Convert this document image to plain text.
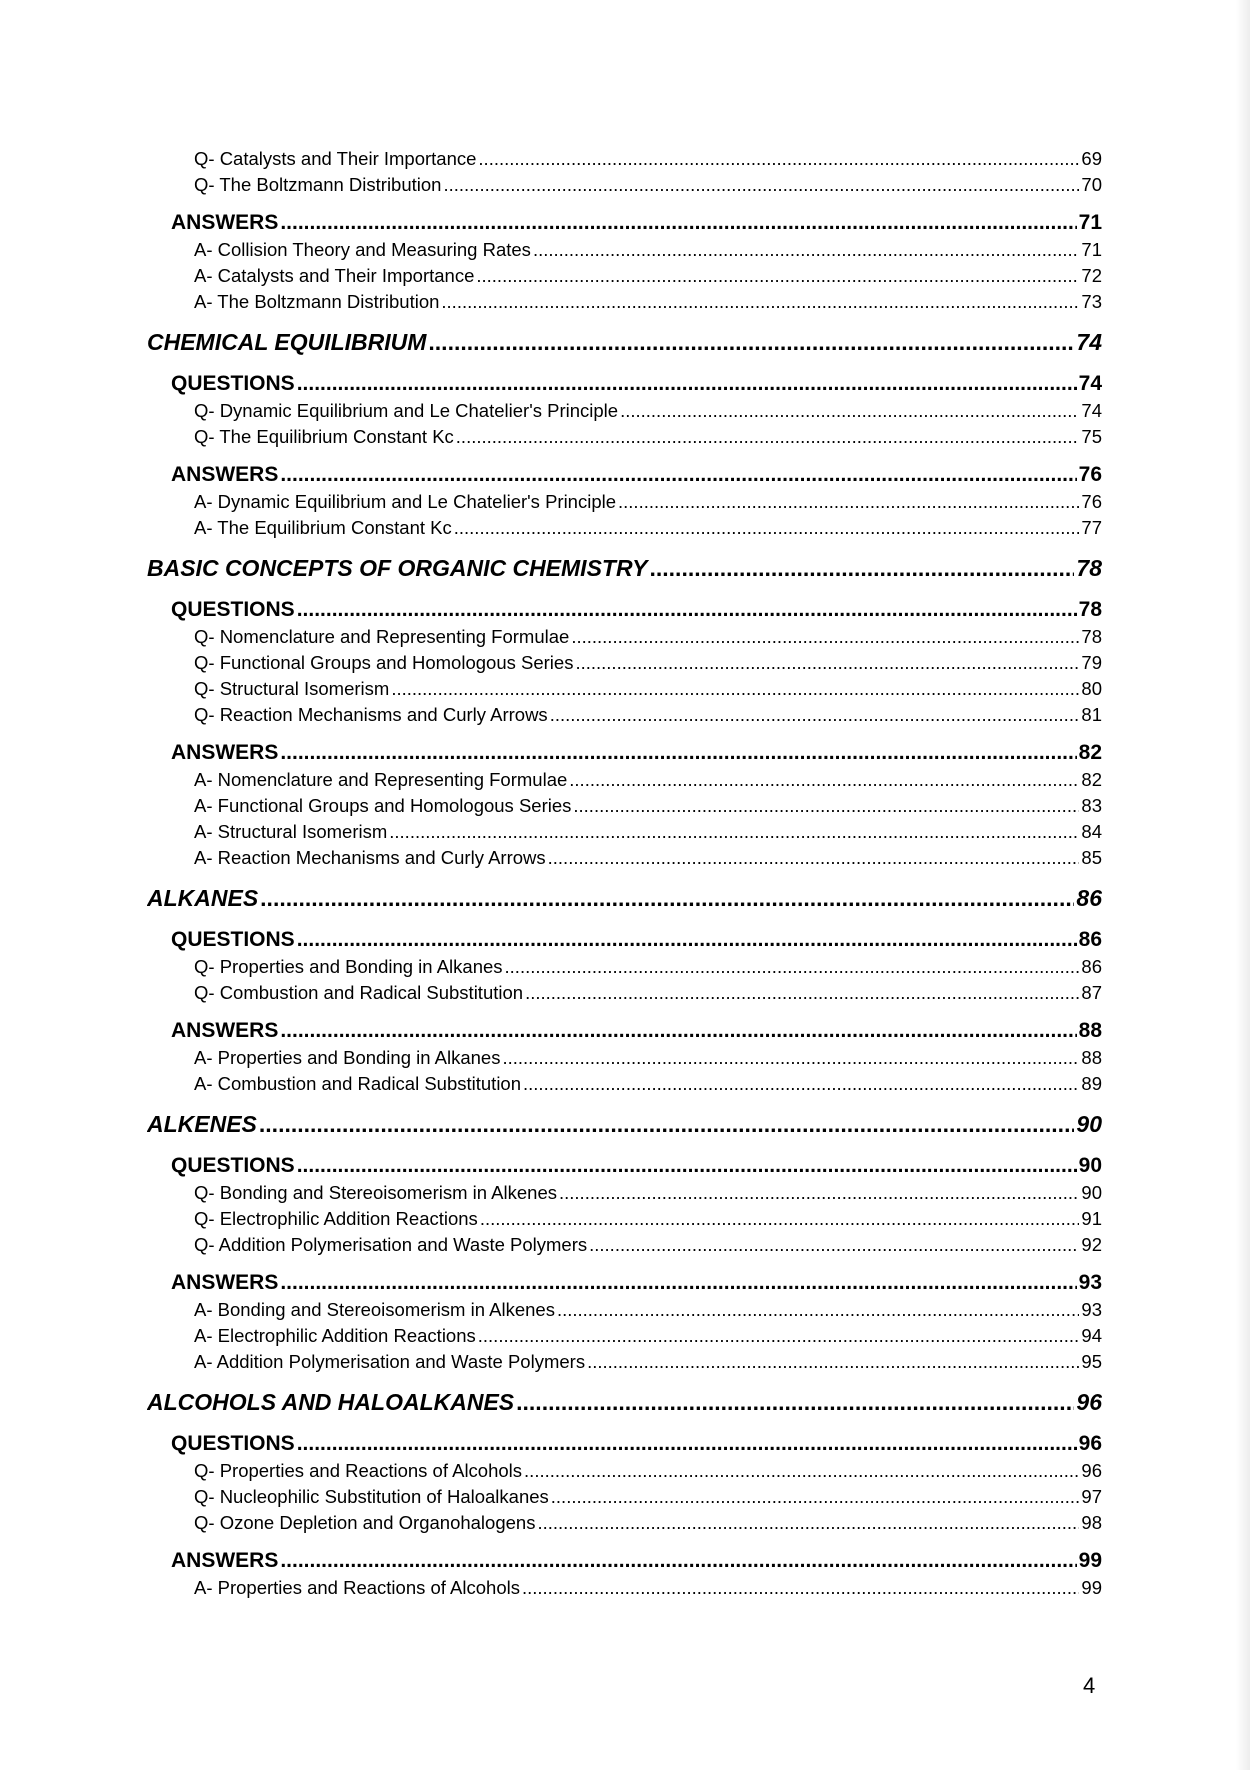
Q- Catalysts and Their Importance .....	69
Q- The Boltzmann Distribution .....	70
ANSWERS .....	71
A- Collision Theory and Measuring Rates .....	71
A- Catalysts and Their Importance .....	72
A- The Boltzmann Distribution .....	73
CHEMICAL EQUILIBRIUM .....	74
QUESTIONS .....	74
Q- Dynamic Equilibrium and Le Chatelier's Principle .....	74
Q- The Equilibrium Constant Kc .....	75
ANSWERS .....	76
A- Dynamic Equilibrium and Le Chatelier's Principle .....	76
A- The Equilibrium Constant Kc .....	77
BASIC CONCEPTS OF ORGANIC CHEMISTRY .....	78
QUESTIONS .....	78
Q- Nomenclature and Representing Formulae .....	78
Q- Functional Groups and Homologous Series .....	79
Q- Structural Isomerism .....	80
Q- Reaction Mechanisms and Curly Arrows .....	81
ANSWERS .....	82
A- Nomenclature and Representing Formulae .....	82
A- Functional Groups and Homologous Series .....	83
A- Structural Isomerism .....	84
A- Reaction Mechanisms and Curly Arrows .....	85
ALKANES .....	86
QUESTIONS .....	86
Q- Properties and Bonding in Alkanes .....	86
Q- Combustion and Radical Substitution .....	87
ANSWERS .....	88
A- Properties and Bonding in Alkanes .....	88
A- Combustion and Radical Substitution .....	89
ALKENES .....	90
QUESTIONS .....	90
Q- Bonding and Stereoisomerism in Alkenes .....	90
Q- Electrophilic Addition Reactions .....	91
Q- Addition Polymerisation and Waste Polymers .....	92
ANSWERS .....	93
A- Bonding and Stereoisomerism in Alkenes .....	93
A- Electrophilic Addition Reactions .....	94
A- Addition Polymerisation and Waste Polymers .....	95
ALCOHOLS AND HALOALKANES .....	96
QUESTIONS .....	96
Q- Properties and Reactions of Alcohols .....	96
Q- Nucleophilic Substitution of Haloalkanes .....	97
Q- Ozone Depletion and Organohalogens .....	98
ANSWERS .....	99
A- Properties and Reactions of Alcohols .....	99
4
